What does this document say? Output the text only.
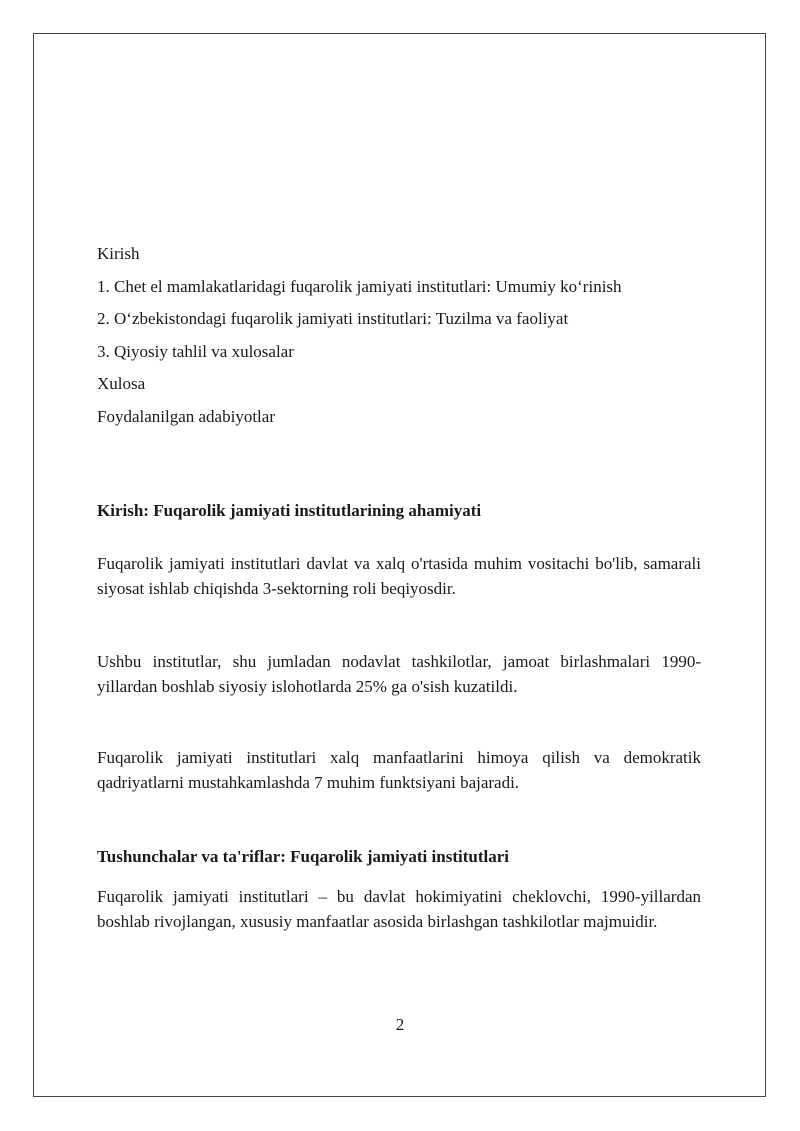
Kirish
1. Chet el mamlakatlaridagi fuqarolik jamiyati institutlari: Umumiy ko‘rinish
2. O‘zbekistondagi fuqarolik jamiyati institutlari: Tuzilma va faoliyat
3. Qiyosiy tahlil va xulosalar
Xulosa
Foydalanilgan adabiyotlar
Kirish: Fuqarolik jamiyati institutlarining ahamiyati

Fuqarolik jamiyati institutlari davlat va xalq o'rtasida muhim vositachi bo'lib, samarali siyosat ishlab chiqishda 3-sektorning roli beqiyosdir.

Ushbu institutlar, shu jumladan nodavlat tashkilotlar, jamoat birlashmalari 1990-yillardan boshlab siyosiy islohotlarda 25% ga o'sish kuzatildi.

Fuqarolik jamiyati institutlari xalq manfaatlarini himoya qilish va demokratik qadriyatlarni mustahkamlashda 7 muhim funktsiyani bajaradi.

Tushunchalar va ta'riflar: Fuqarolik jamiyati institutlari

Fuqarolik jamiyati institutlari – bu davlat hokimiyatini cheklovchi, 1990-yillardan boshlab rivojlangan, xususiy manfaatlar asosida birlashgan tashkilotlar majmuidir.

2
